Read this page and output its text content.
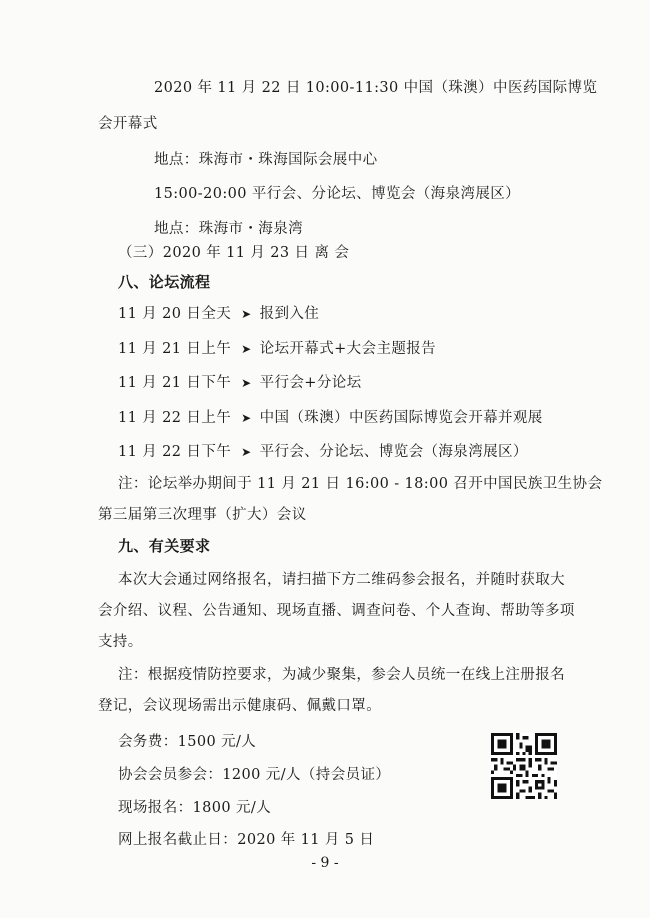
2020 年 11 月 22 日 10:00-11:30 中国（珠澳）中医药国际博览
会开幕式
地点：珠海市・珠海国际会展中心
15:00-20:00 平行会、分论坛、博览会（海泉湾展区）
地点：珠海市・海泉湾
（三）2020 年 11 月 23 日 离 会
八、论坛流程
11 月 20 日全天 ➤ 报到入住
11 月 21 日上午 ➤ 论坛开幕式+大会主题报告
11 月 21 日下午 ➤ 平行会+分论坛
11 月 22 日上午 ➤ 中国（珠澳）中医药国际博览会开幕并观展
11 月 22 日下午 ➤ 平行会、分论坛、博览会（海泉湾展区）
注：论坛举办期间于 11 月 21 日 16:00 - 18:00 召开中国民族卫生协会
第三届第三次理事（扩大）会议
九、有关要求
本次大会通过网络报名，请扫描下方二维码参会报名，并随时获取大
会介绍、议程、公告通知、现场直播、调查问卷、个人查询、帮助等多项
支持。
注：根据疫情防控要求，为减少聚集，参会人员统一在线上注册报名
登记，会议现场需出示健康码、佩戴口罩。
会务费：1500 元/人
协会会员参会：1200 元/人（持会员证）
现场报名：1800 元/人
网上报名截止日：2020 年 11 月 5 日
- 9 -
